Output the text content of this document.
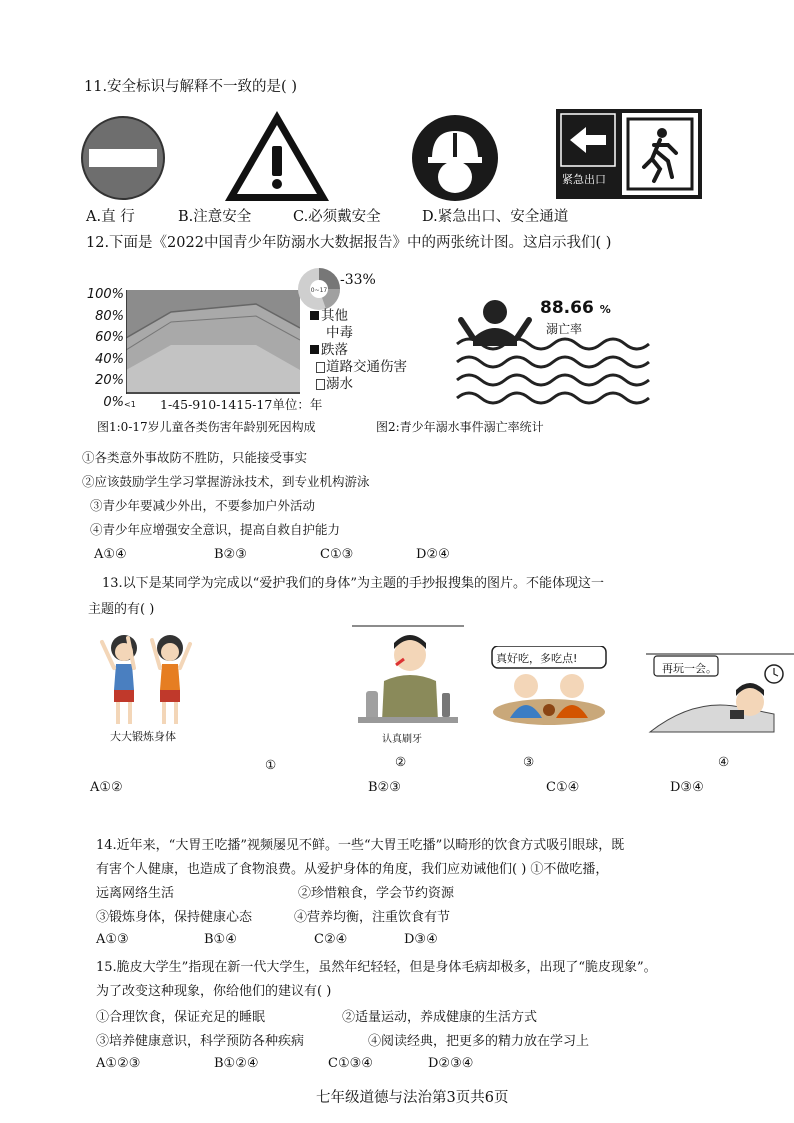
11.安全标识与解释不一致的是( )
紧急出口
A.直 行	B.注意安全	C.必须戴安全	D.紧急出口、安全通道
12.下面是《2022中国青少年防溺水大数据报告》中的两张统计图。这启示我们( )
100%
80%
60%
40%
20%
0% <1 1-45-910-1415-17单位：年
0~17
-33%
其他
中毒
跌落
道路交通伤害
溺水
88.66 %
溺亡率
图1:0-17岁儿童各类伤害年龄别死因构成	图2:青少年溺水事件溺亡率统计
①各类意外事故防不胜防，只能接受事实
②应该鼓励学生学习掌握游泳技术，到专业机构游泳
③青少年要减少外出，不要参加户外活动
④青少年应增强安全意识，提高自救自护能力
A①④	B②③	C①③	D②④
13.以下是某同学为完成以“爱护我们的身体”为主题的手抄报搜集的图片。不能体现这一
主题的有( )
大大锻炼身体	认真刷牙
真好吃，多吃点!
再玩一会。
①	②	③	④
A①②	B②③	C①④	D③④
14.近年来，“大胃王吃播”视频屡见不鲜。一些“大胃王吃播”以畸形的饮食方式吸引眼球，既
有害个人健康，也造成了食物浪费。从爱护身体的角度，我们应劝诫他们( ) ①不做吃播，
远离网络生活	②珍惜粮食，学会节约资源
③锻炼身体，保持健康心态	④营养均衡，注重饮食有节
A①③	B①④	C②④	D③④
15.脆皮大学生”指现在新一代大学生，虽然年纪轻轻，但是身体毛病却极多，出现了“脆皮现象”。
为了改变这种现象，你给他们的建议有( )
①合理饮食，保证充足的睡眠	②适量运动，养成健康的生活方式
③培养健康意识，科学预防各种疾病	④阅读经典，把更多的精力放在学习上
A①②③	B①②④	C①③④	D②③④
七年级道德与法治第3页共6页
